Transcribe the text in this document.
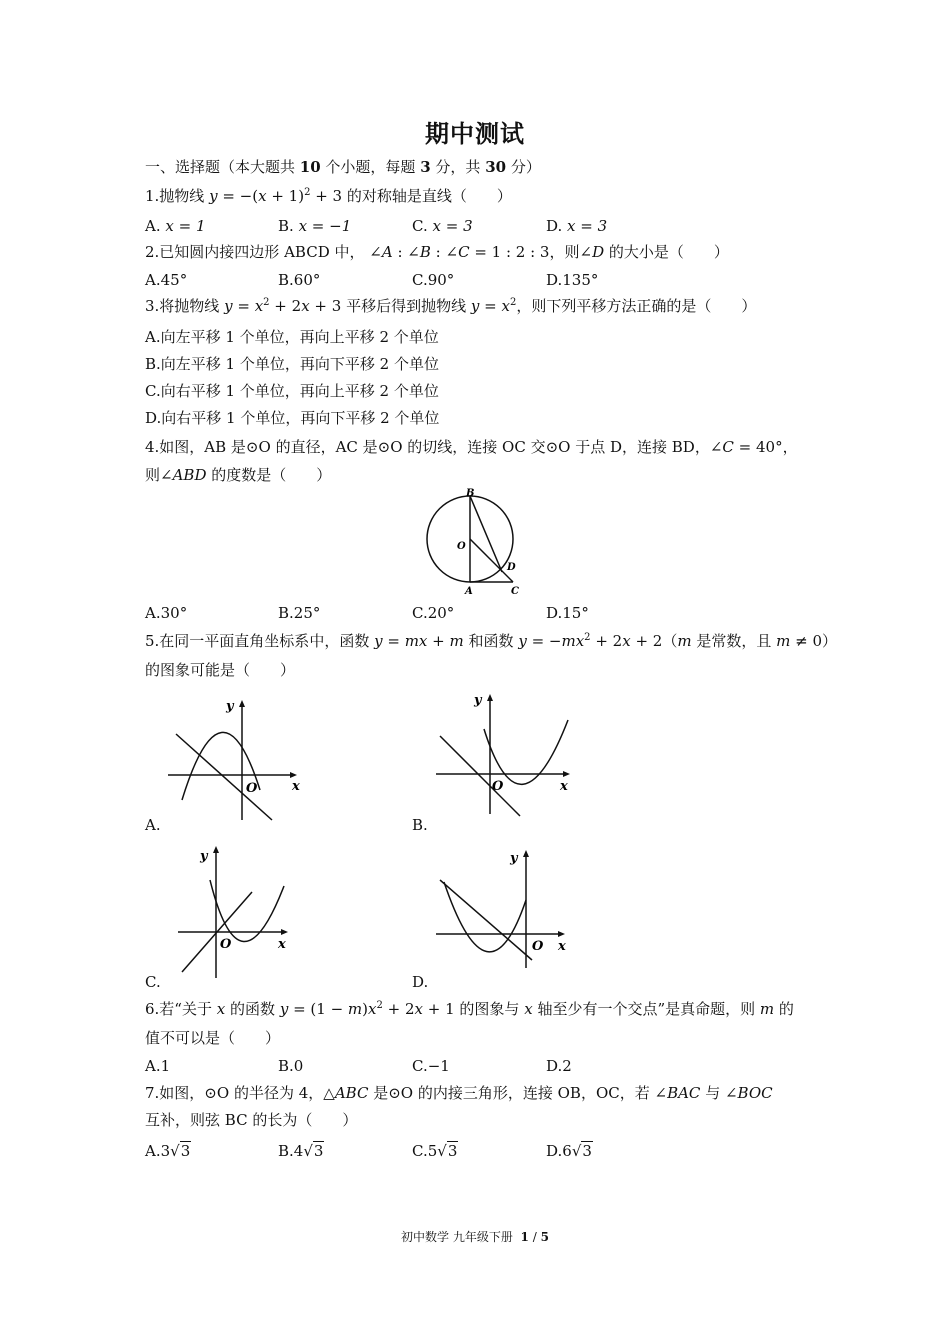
期中测试
一、选择题（本大题共 10 个小题，每题 3 分，共 30 分）
1.抛物线 $y = -(x + 1)^2 + 3$ 的对称轴是直线（　　）
A. x = 1	B. x = −1	C. x = 3	D. x = 3
2.已知圆内接四边形 ABCD 中， ∠A : ∠B : ∠C = 1 : 2 : 3，则∠D 的大小是（　　）
A.45°	B.60°	C.90°	D.135°
3.将抛物线 $y = x^2 + 2x + 3$ 平移后得到抛物线 $y = x^2$，则下列平移方法正确的是（　　）
A.向左平移 1 个单位，再向上平移 2 个单位
B.向左平移 1 个单位，再向下平移 2 个单位
C.向右平移 1 个单位，再向上平移 2 个单位
D.向右平移 1 个单位，再向下平移 2 个单位
4.如图，AB 是⊙O 的直径，AC 是⊙O 的切线，连接 OC 交⊙O 于点 D，连接 BD，∠C = 40°，
则∠ABD 的度数是（　　）
B
O
D
A	C
A.30°	B.25°	C.20°	D.15°
5.在同一平面直角坐标系中，函数 y = mx + m 和函数 $y = -mx^2 + 2x + 2(m$ 是常数，且 m ≠ 0）
的图象可能是（　　）
y
x
O
A.
y
x
O
B.
y
x
O
C.
y
x
O
D.
6.若“关于 x 的函数 $y = (1 - m)x^2 + 2x + 1$ 的图象与 x 轴至少有一个交点”是真命题，则 m 的
值不可以是（　　）
A.1	B.0	C.−1	D.2
7.如图，⊙O 的半径为 4，△ABC 是⊙O 的内接三角形，连接 OB，OC，若 ∠BAC 与 ∠BOC
互补，则弦 BC 的长为（　　）
A.3√3	B.4√3	C.5√3	D.6√3
初中数学 九年级下册 1 / 5
